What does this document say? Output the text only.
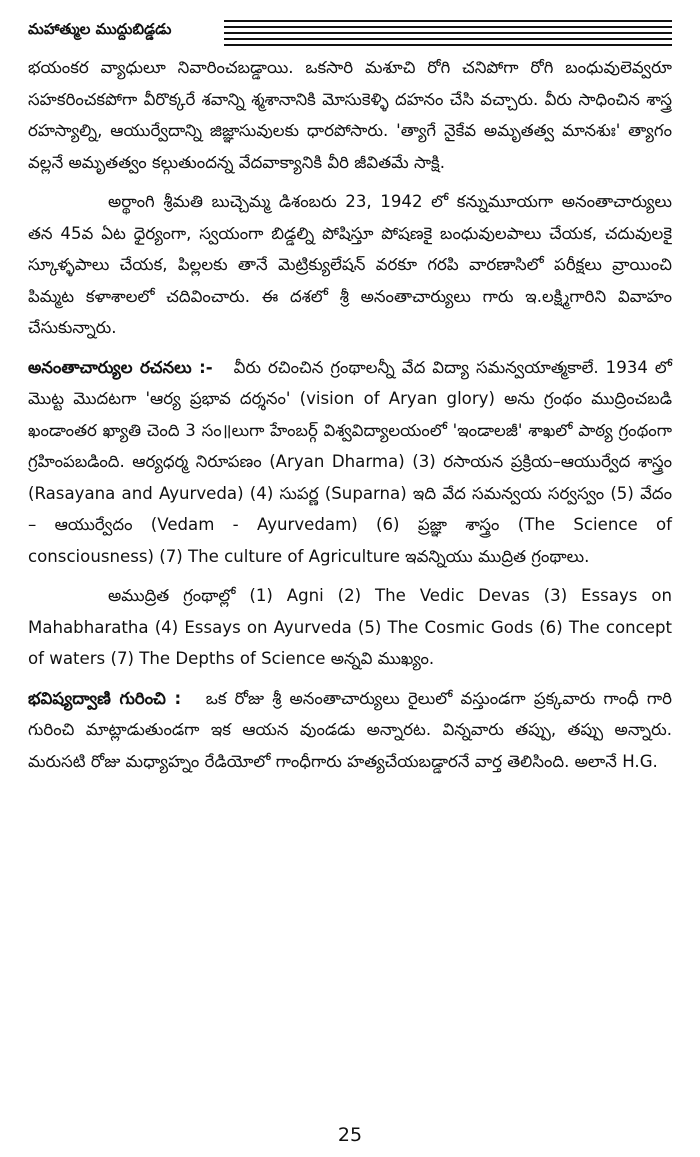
మహాత్ముల ముద్దుబిడ్డడు

భయంకర వ్యాధులూ నివారించబడ్డాయి. ఒకసారి మశూచి రోగి చనిపోగా రోగి బంధువులెవ్వరూ సహకరించకపోగా వీరొక్కరే శవాన్ని శ్మశానానికి మోసుకెళ్ళి దహనం చేసి వచ్చారు. వీరు సాధించిన శాస్త్ర రహస్యాల్ని, ఆయుర్వేదాన్ని జిజ్ఞాసువులకు ధారపోసారు. 'త్యాగే నైకేవ అమృతత్వ మానశుః' త్యాగం వల్లనే అమృతత్వం కల్గుతుందన్న వేదవాక్యానికి వీరి జీవితమే సాక్షి.

అర్థాంగి శ్రీమతి బుచ్చెమ్మ డిశంబరు 23, 1942 లో కన్నుమూయగా అనంతాచార్యులు తన 45వ ఏట ధైర్యంగా, స్వయంగా బిడ్డల్ని పోషిస్తూ పోషణకై బంధువులపాలు చేయక, చదువులకై స్కూళ్ళపాలు చేయక, పిల్లలకు తానే మెట్రిక్యులేషన్ వరకూ గరపి వారణాసిలో పరీక్షలు వ్రాయించి పిమ్మట కళాశాలలో చదివించారు. ఈ దశలో శ్రీ అనంతాచార్యులు గారు ఇ.లక్ష్మిగారిని వివాహం చేసుకున్నారు.

అనంతాచార్యుల రచనలు :- వీరు రచించిన గ్రంథాలన్నీ వేద విద్యా సమన్వయాత్మకాలే. 1934 లో మొట్ట మొదటగా 'ఆర్య ప్రభావ దర్శనం' (vision of Aryan glory) అను గ్రంథం ముద్రించబడి ఖండాంతర ఖ్యాతి చెంది 3 సం॥లుగా హేంబర్గ్ విశ్వవిద్యాలయంలో 'ఇండాలజీ' శాఖలో పాఠ్య గ్రంథంగా గ్రహింపబడింది. ఆర్యధర్మ నిరూపణం (Aryan Dharma) (3) రసాయన ప్రక్రియ–ఆయుర్వేద శాస్త్రం (Rasayana and Ayurveda) (4) సుపర్ణ (Suparna) ఇది వేద సమన్వయ సర్వస్వం (5) వేదం – ఆయుర్వేదం (Vedam - Ayurvedam) (6) ప్రజ్ఞా శాస్త్రం (The Science of consciousness) (7) The culture of Agriculture ఇవన్నియు ముద్రిత గ్రంథాలు.

అముద్రిత గ్రంథాల్లో (1) Agni (2) The Vedic Devas (3) Essays on Mahabharatha (4) Essays on Ayurveda (5) The Cosmic Gods (6) The concept of waters (7) The Depths of Science అన్నవి ముఖ్యం.

భవిష్యద్వాణి గురించి : ఒక రోజు శ్రీ అనంతాచార్యులు రైలులో వస్తుండగా ప్రక్కవారు గాంధీ గారి గురించి మాట్లాడుతుండగా ఇక ఆయన వుండడు అన్నారట. విన్నవారు తప్పు, తప్పు అన్నారు. మరుసటి రోజు మధ్యాహ్నం రేడియోలో గాంధీగారు హత్యచేయబడ్డారనే వార్త తెలిసింది. అలానే H.G.

25
